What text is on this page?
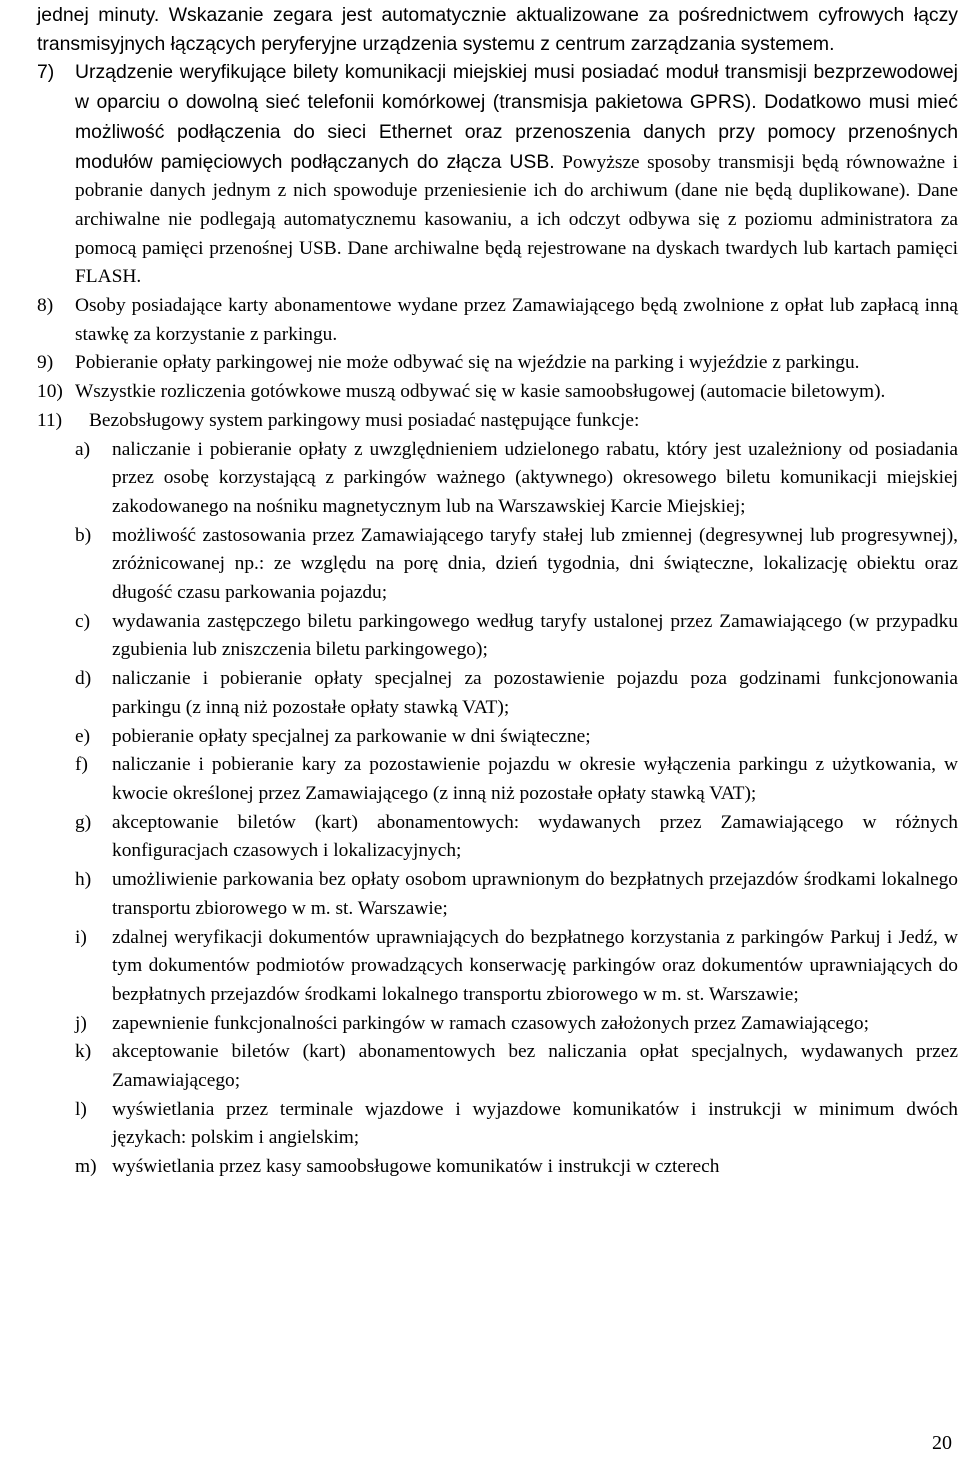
jednej minuty. Wskazanie zegara jest automatycznie aktualizowane za pośrednictwem cyfrowych łączy transmisyjnych łączących peryferyjne urządzenia systemu z centrum zarządzania systemem.
7) Urządzenie weryfikujące bilety komunikacji miejskiej musi posiadać moduł transmisji bezprzewodowej w oparciu o dowolną sieć telefonii komórkowej (transmisja pakietowa GPRS). Dodatkowo musi mieć możliwość podłączenia do sieci Ethernet oraz przenoszenia danych przy pomocy przenośnych modułów pamięciowych podłączanych do złącza USB. Powyższe sposoby transmisji będą równoważne i pobranie danych jednym z nich spowoduje przeniesienie ich do archiwum (dane nie będą duplikowane). Dane archiwalne nie podlegają automatycznemu kasowaniu, a ich odczyt odbywa się z poziomu administratora za pomocą pamięci przenośnej USB. Dane archiwalne będą rejestrowane na dyskach twardych lub kartach pamięci FLASH.
8) Osoby posiadające karty abonamentowe wydane przez Zamawiającego będą zwolnione z opłat lub zapłacą inną stawkę za korzystanie z parkingu.
9) Pobieranie opłaty parkingowej nie może odbywać się na wjeździe na parking i wyjeździe z parkingu.
10) Wszystkie rozliczenia gotówkowe muszą odbywać się w kasie samoobsługowej (automacie biletowym).
11) Bezobsługowy system parkingowy musi posiadać następujące funkcje:
a) naliczanie i pobieranie opłaty z uwzględnieniem udzielonego rabatu, który jest uzależniony od posiadania przez osobę korzystającą z parkingów ważnego (aktywnego) okresowego biletu komunikacji miejskiej zakodowanego na nośniku magnetycznym lub na Warszawskiej Karcie Miejskiej;
b) możliwość zastosowania przez Zamawiającego taryfy stałej lub zmiennej (degresywnej lub progresywnej), zróżnicowanej np.: ze względu na porę dnia, dzień tygodnia, dni świąteczne, lokalizację obiektu oraz długość czasu parkowania pojazdu;
c) wydawania zastępczego biletu parkingowego według taryfy ustalonej przez Zamawiającego (w przypadku zgubienia lub zniszczenia biletu parkingowego);
d) naliczanie i pobieranie opłaty specjalnej za pozostawienie pojazdu poza godzinami funkcjonowania parkingu (z inną niż pozostałe opłaty stawką VAT);
e) pobieranie opłaty specjalnej za parkowanie w dni świąteczne;
f) naliczanie i pobieranie kary za pozostawienie pojazdu w okresie wyłączenia parkingu z użytkowania, w kwocie określonej przez Zamawiającego (z inną niż pozostałe opłaty stawką VAT);
g) akceptowanie biletów (kart) abonamentowych: wydawanych przez Zamawiającego w różnych konfiguracjach czasowych i lokalizacyjnych;
h) umożliwienie parkowania bez opłaty osobom uprawnionym do bezpłatnych przejazdów środkami lokalnego transportu zbiorowego w m. st. Warszawie;
i) zdalnej weryfikacji dokumentów uprawniających do bezpłatnego korzystania z parkingów Parkuj i Jedź, w tym dokumentów podmiotów prowadzących konserwację parkingów oraz dokumentów uprawniających do bezpłatnych przejazdów środkami lokalnego transportu zbiorowego w m. st. Warszawie;
j) zapewnienie funkcjonalności parkingów w ramach czasowych założonych przez Zamawiającego;
k) akceptowanie biletów (kart) abonamentowych bez naliczania opłat specjalnych, wydawanych przez Zamawiającego;
l) wyświetlania przez terminale wjazdowe i wyjazdowe komunikatów i instrukcji w minimum dwóch językach: polskim i angielskim;
m) wyświetlania przez kasy samoobsługowe komunikatów i instrukcji w czterech
20
